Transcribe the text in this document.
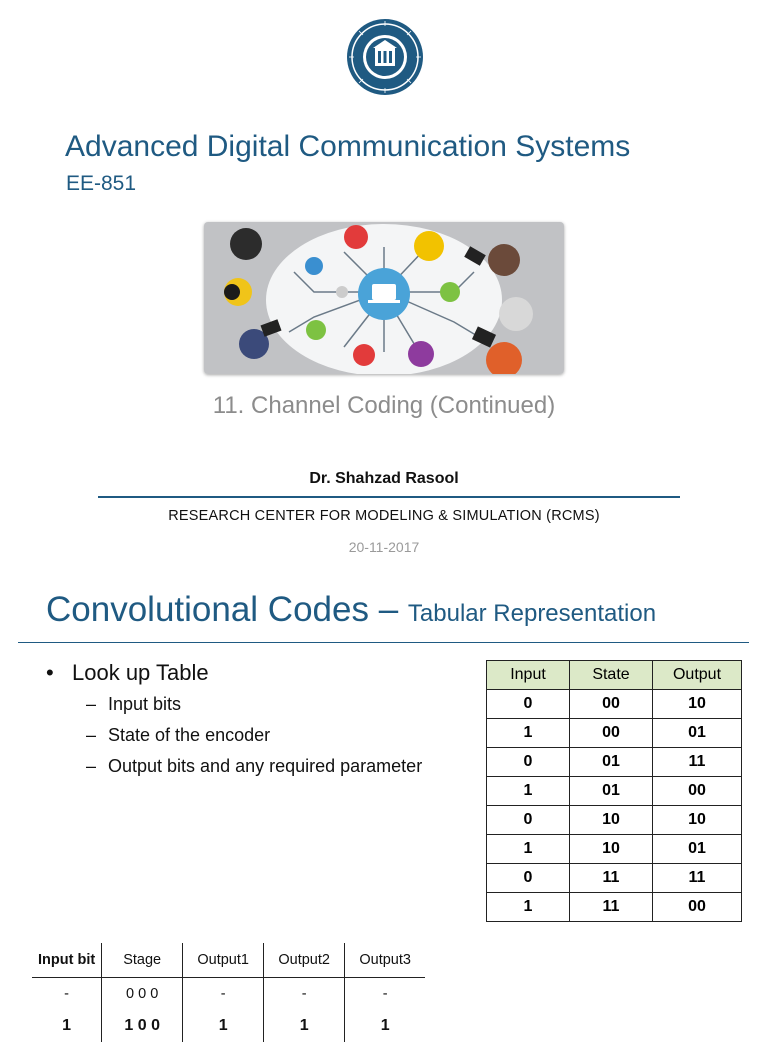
Advanced Digital Communication Systems
EE-851
11. Channel Coding (Continued)
Dr. Shahzad Rasool
RESEARCH CENTER FOR MODELING & SIMULATION (RCMS)
20-11-2017
Convolutional Codes – Tabular Representation
• Look up Table
– Input bits
– State of the encoder
– Output bits and any required parameter
Input	State	Output
0	00	10
1	00	01
0	01	11
1	01	00
0	10	10
1	10	01
0	11	11
1	11	00
Input bit	Stage	Output1	Output2	Output3
-	0 0 0	-	-	-
1	1 0 0	1	1	1
